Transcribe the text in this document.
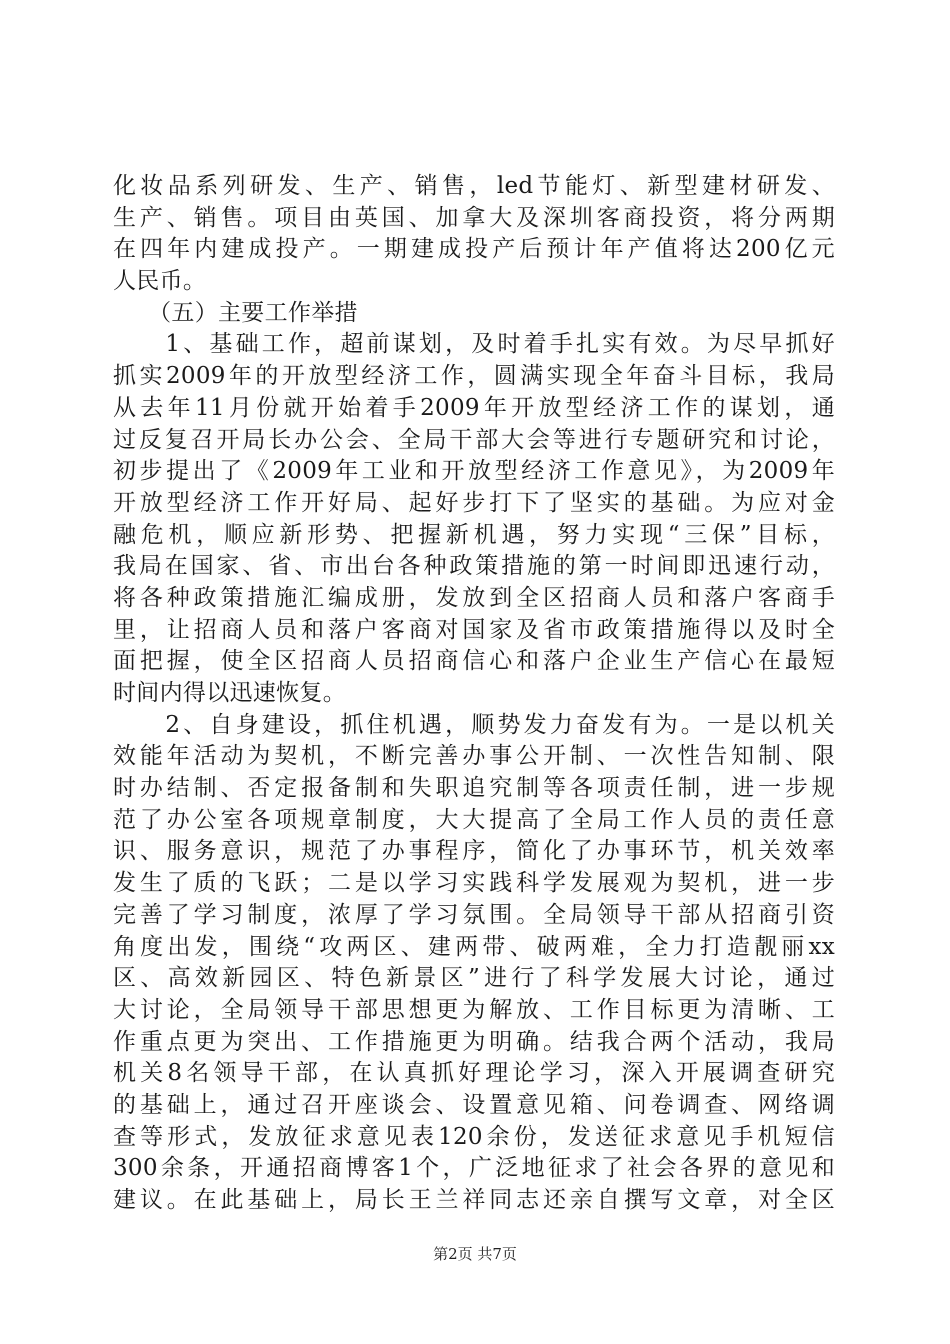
化妆品系列研发、生产、销售，led节能灯、新型建材研发、
生产、销售。项目由英国、加拿大及深圳客商投资，将分两期
在四年内建成投产。一期建成投产后预计年产值将达200亿元
人民币。
　　（五）主要工作举措
　　1、基础工作，超前谋划，及时着手扎实有效。为尽早抓好
抓实2009年的开放型经济工作，圆满实现全年奋斗目标，我局
从去年11月份就开始着手2009年开放型经济工作的谋划，通
过反复召开局长办公会、全局干部大会等进行专题研究和讨论，
初步提出了《2009年工业和开放型经济工作意见》，为2009年
开放型经济工作开好局、起好步打下了坚实的基础。为应对金
融危机，顺应新形势、把握新机遇，努力实现“三保”目标，
我局在国家、省、市出台各种政策措施的第一时间即迅速行动，
将各种政策措施汇编成册，发放到全区招商人员和落户客商手
里，让招商人员和落户客商对国家及省市政策措施得以及时全
面把握，使全区招商人员招商信心和落户企业生产信心在最短
时间内得以迅速恢复。
　　2、自身建设，抓住机遇，顺势发力奋发有为。一是以机关
效能年活动为契机，不断完善办事公开制、一次性告知制、限
时办结制、否定报备制和失职追究制等各项责任制，进一步规
范了办公室各项规章制度，大大提高了全局工作人员的责任意
识、服务意识，规范了办事程序，简化了办事环节，机关效率
发生了质的飞跃；二是以学习实践科学发展观为契机，进一步
完善了学习制度，浓厚了学习氛围。全局领导干部从招商引资
角度出发，围绕“攻两区、建两带、破两难，全力打造靓丽xx
区、高效新园区、特色新景区”进行了科学发展大讨论，通过
大讨论，全局领导干部思想更为解放、工作目标更为清晰、工
作重点更为突出、工作措施更为明确。结我合两个活动，我局
机关8名领导干部，在认真抓好理论学习，深入开展调查研究
的基础上，通过召开座谈会、设置意见箱、问卷调查、网络调
查等形式，发放征求意见表120余份，发送征求意见手机短信
300余条，开通招商博客1个，广泛地征求了社会各界的意见和
建议。在此基础上，局长王兰祥同志还亲自撰写文章，对全区
第2页 共7页
